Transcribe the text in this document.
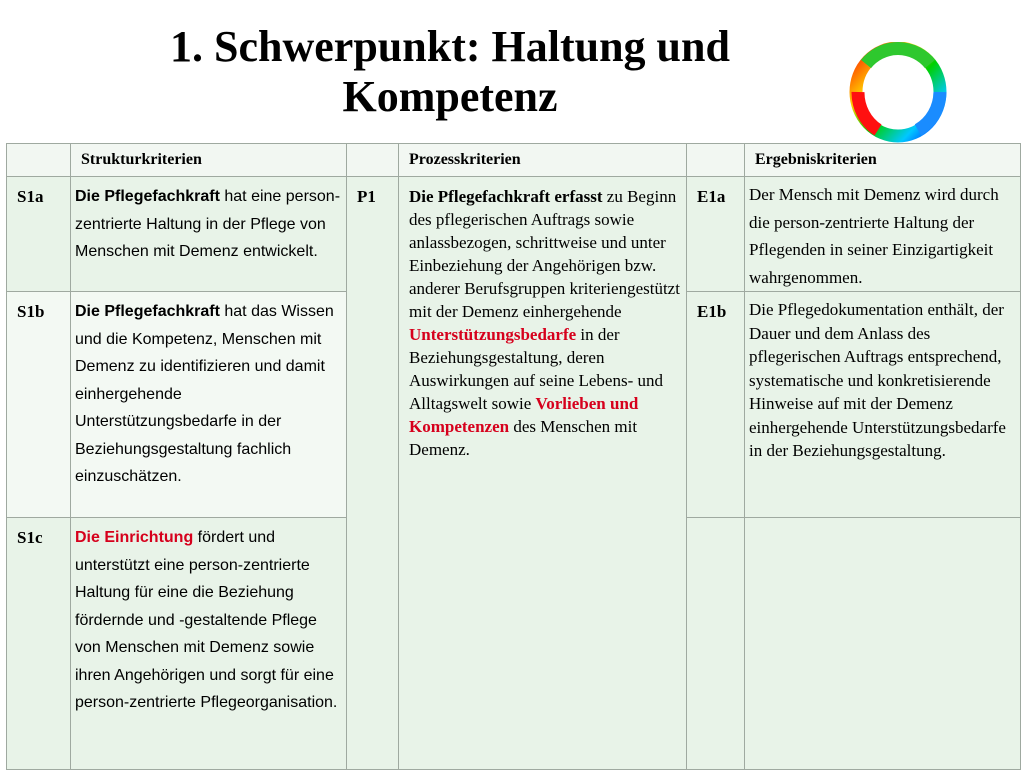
1. Schwerpunkt: Haltung und
Kompetenz
	Strukturkriterien		Prozesskriterien		Ergebniskriterien

S1a	Die Pflegefachkraft hat eine person-zentrierte Haltung in der Pflege von Menschen mit Demenz entwickelt.	P1	Die Pflegefachkraft erfasst zu Beginn des pflegerischen Auftrags sowie anlassbezogen, schrittweise und unter Einbeziehung der Angehörigen bzw. anderer Berufsgruppen kriteriengestützt mit der Demenz einhergehende Unterstützungsbedarfe in der Beziehungsgestaltung, deren Auswirkungen auf seine Lebens- und Alltagswelt sowie Vorlieben und Kompetenzen des Menschen mit Demenz.	E1a	Der Mensch mit Demenz wird durch die person-zentrierte Haltung der Pflegenden in seiner Einzigartigkeit wahrgenommen.

S1b	Die Pflegefachkraft hat das Wissen und die Kompetenz, Menschen mit Demenz zu identifizieren und damit einhergehende Unterstützungsbedarfe in der Beziehungsgestaltung fachlich einzuschätzen.			E1b	Die Pflegedokumentation enthält, der Dauer und dem Anlass des pflegerischen Auftrags entsprechend, systematische und konkretisierende Hinweise auf mit der Demenz einhergehende Unterstützungsbedarfe in der Beziehungsgestaltung.

S1c	Die Einrichtung fördert und unterstützt eine person-zentrierte Haltung für eine die Beziehung fördernde und -gestaltende Pflege von Menschen mit Demenz sowie ihren Angehörigen und sorgt für eine person-zentrierte Pflegeorganisation.				
